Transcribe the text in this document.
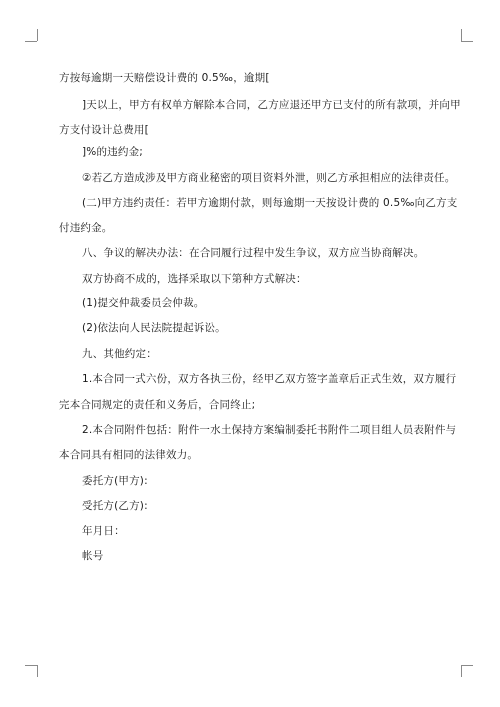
方按每逾期一天赔偿设计费的 0.5‰，逾期[
]天以上，甲方有权单方解除本合同，乙方应退还甲方已支付的所有款项，并向甲
方支付设计总费用[
]%的违约金;
②若乙方造成涉及甲方商业秘密的项目资料外泄，则乙方承担相应的法律责任。
(二)甲方违约责任：若甲方逾期付款，则每逾期一天按设计费的 0.5‰向乙方支
付违约金。
八、争议的解决办法：在合同履行过程中发生争议，双方应当协商解决。
双方协商不成的，选择采取以下第种方式解决：
(1)提交仲裁委员会仲裁。
(2)依法向人民法院提起诉讼。
九、其他约定：
1.本合同一式六份，双方各执三份，经甲乙双方签字盖章后正式生效，双方履行
完本合同规定的责任和义务后，合同终止;
2.本合同附件包括：附件一水土保持方案编制委托书附件二项目组人员表附件与
本合同具有相同的法律效力。
委托方(甲方):
受托方(乙方):
年月日：
帐号
